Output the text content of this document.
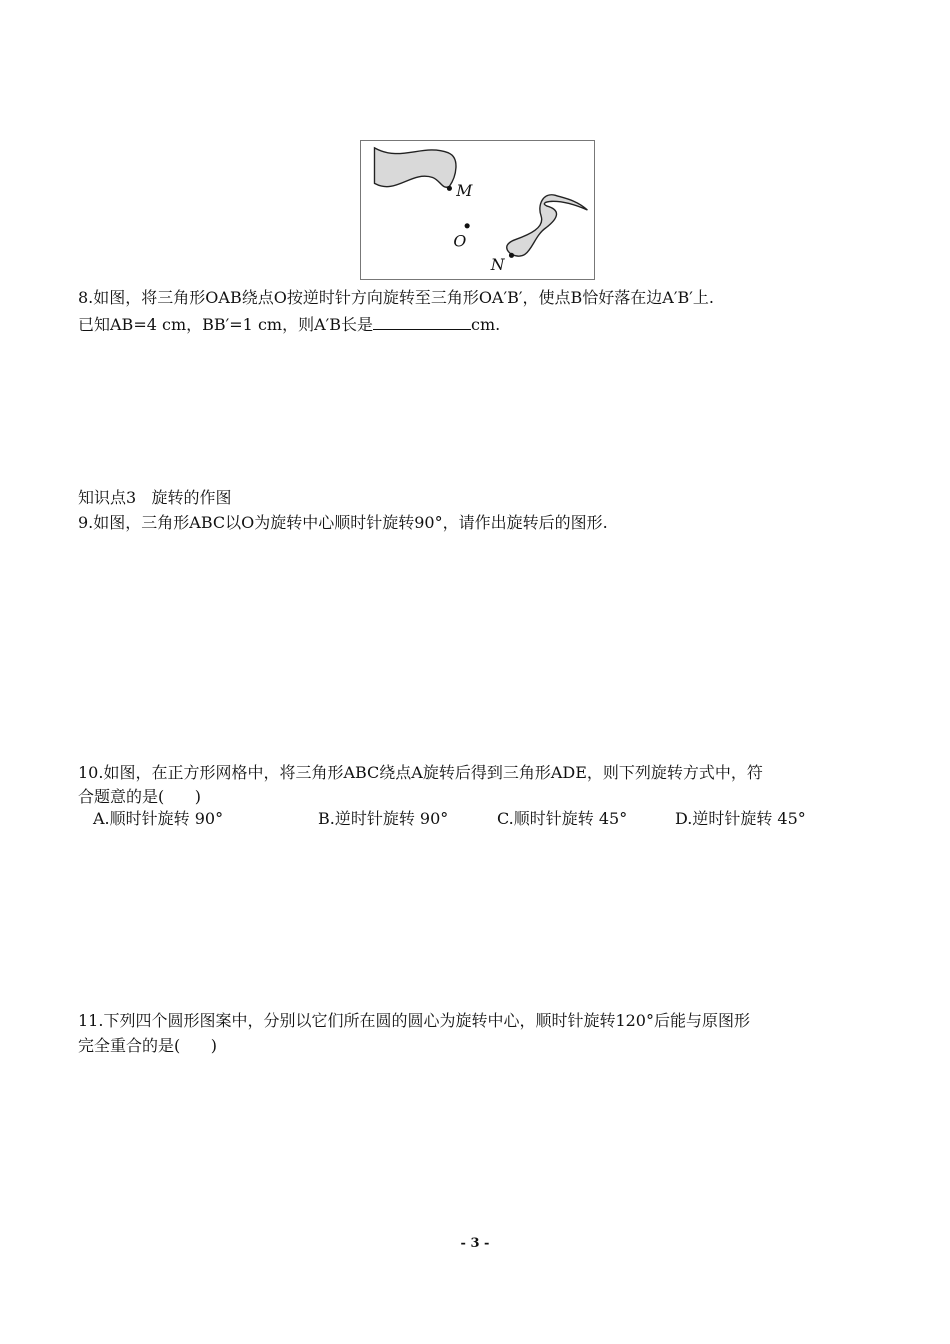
M
O
N
8.如图，将三角形OAB绕点O按逆时针方向旋转至三角形OA′B′，使点B恰好落在边A′B′上.
已知AB=4 cm，BB′=1 cm，则A′B长是	cm.
知识点3   旋转的作图
9.如图，三角形ABC以O为旋转中心顺时针旋转90°，请作出旋转后的图形.
10.如图，在正方形网格中，将三角形ABC绕点A旋转后得到三角形ADE，则下列旋转方式中，符
合题意的是(      )
A.顺时针旋转 90°	B.逆时针旋转 90°	C.顺时针旋转 45°	D.逆时针旋转 45°
11.下列四个圆形图案中，分别以它们所在圆的圆心为旋转中心，顺时针旋转120°后能与原图形
完全重合的是(      )
- 3 -
